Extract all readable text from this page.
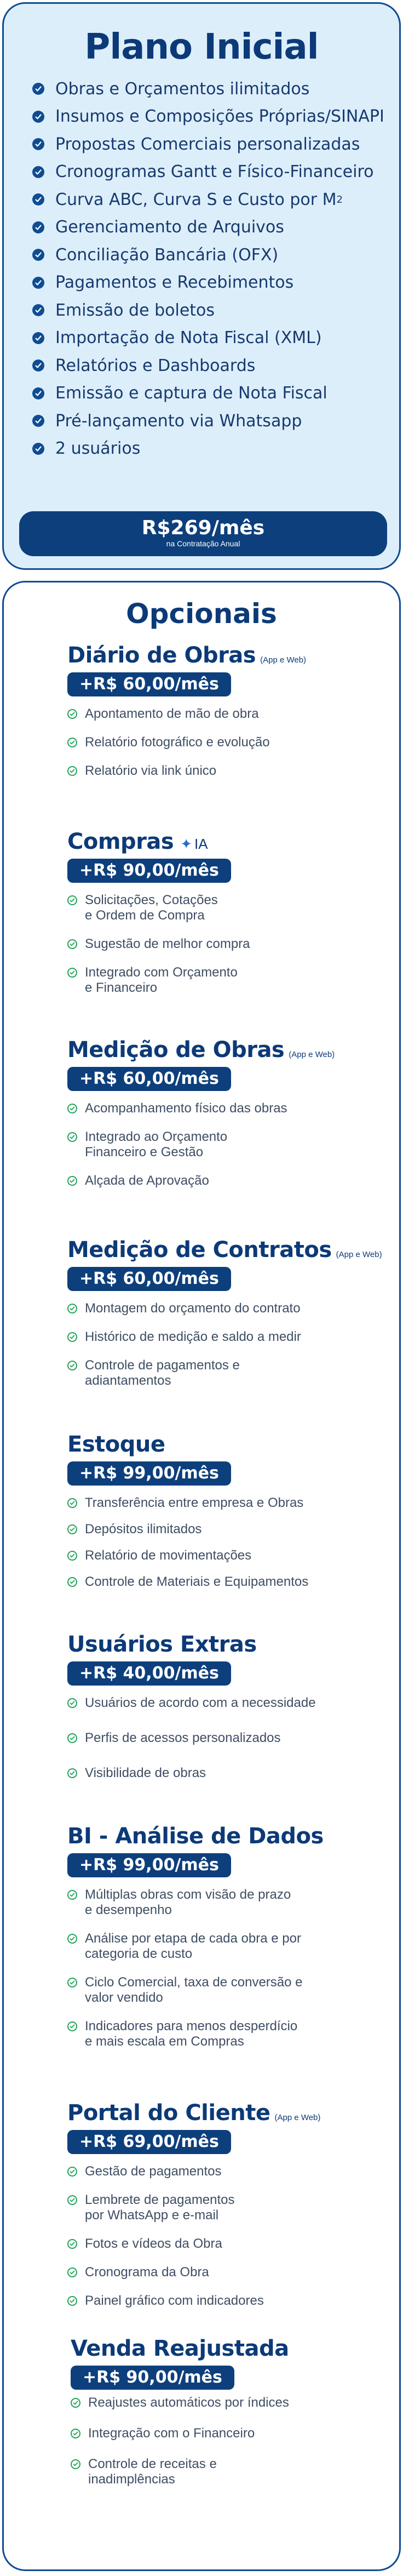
Plano Inicial
Obras e Orçamentos ilimitados
Insumos e Composições Próprias/SINAPI
Propostas Comerciais personalizadas
Cronogramas Gantt e Físico-Financeiro
Curva ABC, Curva S e Custo por M 2
Gerenciamento de Arquivos
Conciliação Bancária (OFX)
Pagamentos e Recebimentos
Emissão de boletos
Importação de Nota Fiscal (XML)
Relatórios e Dashboards
Emissão e captura de Nota Fiscal
Pré-lançamento via Whatsapp
2 usuários
R$269/mês
na Contratação Anual
Opcionais
Diário de Obras (App e Web)
+R$ 60,00/mês
Apontamento de mão de obra
Relatório fotográfico e evolução
Relatório via link único
Compras ✦ IA
+R$ 90,00/mês
Solicitações, Cotações
e Ordem de Compra
Sugestão de melhor compra
Integrado com Orçamento
e Financeiro
Medição de Obras (App e Web)
+R$ 60,00/mês
Acompanhamento físico das obras
Integrado ao Orçamento
Financeiro e Gestão
Alçada de Aprovação
Medição de Contratos (App e Web)
+R$ 60,00/mês
Montagem do orçamento do contrato
Histórico de medição e saldo a medir
Controle de pagamentos e
adiantamentos
Estoque
+R$ 99,00/mês
Transferência entre empresa e Obras
Depósitos ilimitados
Relatório de movimentações
Controle de Materiais e Equipamentos
Usuários Extras
+R$ 40,00/mês
Usuários de acordo com a necessidade
Perfis de acessos personalizados
Visibilidade de obras
BI - Análise de Dados
+R$ 99,00/mês
Múltiplas obras com visão de prazo
e desempenho
Análise por etapa de cada obra e por
categoria de custo
Ciclo Comercial, taxa de conversão e
valor vendido
Indicadores para menos desperdício
e mais escala em Compras
Portal do Cliente (App e Web)
+R$ 69,00/mês
Gestão de pagamentos
Lembrete de pagamentos
por WhatsApp e e-mail
Fotos e vídeos da Obra
Cronograma da Obra
Painel gráfico com indicadores
Venda Reajustada
+R$ 90,00/mês
Reajustes automáticos por índices
Integração com o Financeiro
Controle de receitas e
inadimplências
